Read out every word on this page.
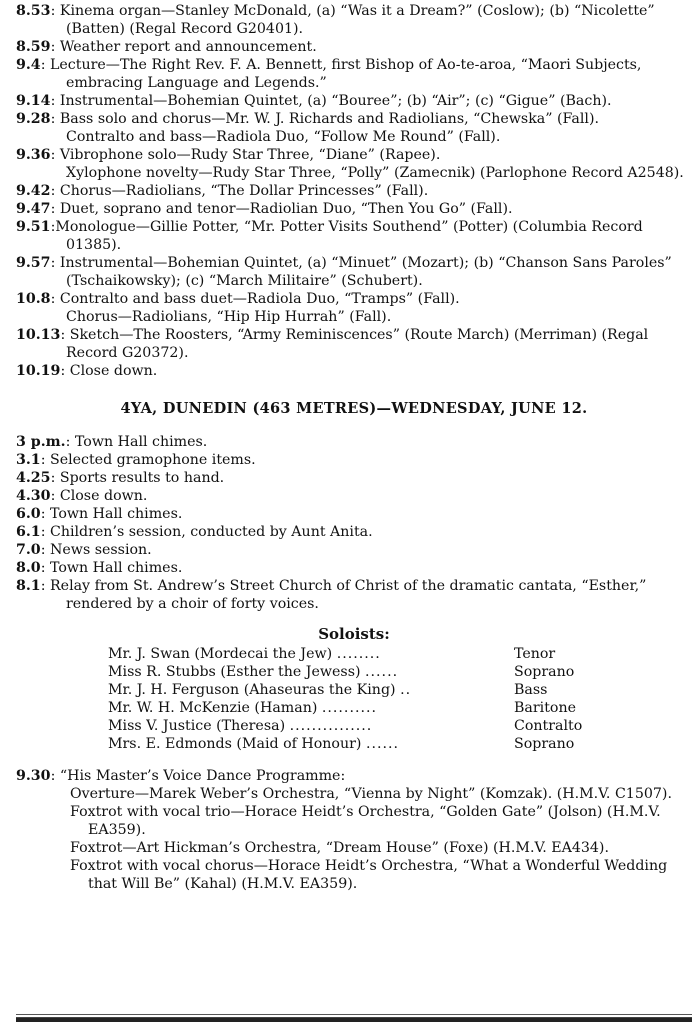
8.53: Kinema organ—Stanley McDonald, (a) “Was it a Dream?” (Coslow); (b) “Nicolette” (Batten) (Regal Record G20401).

8.59: Weather report and announcement.

9.4: Lecture—The Right Rev. F. A. Bennett, first Bishop of Ao-te-aroa, “Maori Subjects, embracing Language and Legends.”

9.14: Instrumental—Bohemian Quintet, (a) “Bouree”; (b) “Air”; (c) “Gigue” (Bach).

9.28: Bass solo and chorus—Mr. W. J. Richards and Radiolians, “Chewska” (Fall).

Contralto and bass—Radiola Duo, “Follow Me Round” (Fall).

9.36: Vibrophone solo—Rudy Star Three, “Diane” (Rapee).

Xylophone novelty—Rudy Star Three, “Polly” (Zamecnik) (Parlophone Record A2548).

9.42: Chorus—Radiolians, “The Dollar Princesses” (Fall).

9.47: Duet, soprano and tenor—Radiolian Duo, “Then You Go” (Fall).

9.51:Monologue—Gillie Potter, “Mr. Potter Visits Southend” (Potter) (Columbia Record 01385).

9.57: Instrumental—Bohemian Quintet, (a) “Minuet” (Mozart); (b) “Chanson Sans Paroles” (Tschaikowsky); (c) “March Militaire” (Schubert).

10.8: Contralto and bass duet—Radiola Duo, “Tramps” (Fall).

Chorus—Radiolians, “Hip Hip Hurrah” (Fall).

10.13: Sketch—The Roosters, “Army Reminiscences” (Route March) (Merriman) (Regal Record G20372).

10.19: Close down.

4YA, DUNEDIN (463 METRES)—WEDNESDAY, JUNE 12.

3 p.m.: Town Hall chimes.

3.1: Selected gramophone items.

4.25: Sports results to hand.

4.30: Close down.

6.0: Town Hall chimes.

6.1: Children’s session, conducted by Aunt Anita.

7.0: News session.

8.0: Town Hall chimes.

8.1: Relay from St. Andrew’s Street Church of Christ of the dramatic cantata, “Esther,” rendered by a choir of forty voices.

Soloists:
Mr. J. Swan (Mordecai the Jew) ........	Tenor
Miss R. Stubbs (Esther the Jewess) ......	Soprano
Mr. J. H. Ferguson (Ahaseuras the King) ..	Bass
Mr. W. H. McKenzie (Haman) ..........	Baritone
Miss V. Justice (Theresa) ...............	Contralto
Mrs. E. Edmonds (Maid of Honour) ......	Soprano

9.30: “His Master’s Voice Dance Programme:

Overture—Marek Weber’s Orchestra, “Vienna by Night” (Komzak). (H.M.V. C1507).

Foxtrot with vocal trio—Horace Heidt’s Orchestra, “Golden Gate” (Jolson) (H.M.V. EA359).

Foxtrot—Art Hickman’s Orchestra, “Dream House” (Foxe) (H.M.V. EA434).

Foxtrot with vocal chorus—Horace Heidt’s Orchestra, “What a Wonderful Wedding that Will Be” (Kahal) (H.M.V. EA359).
